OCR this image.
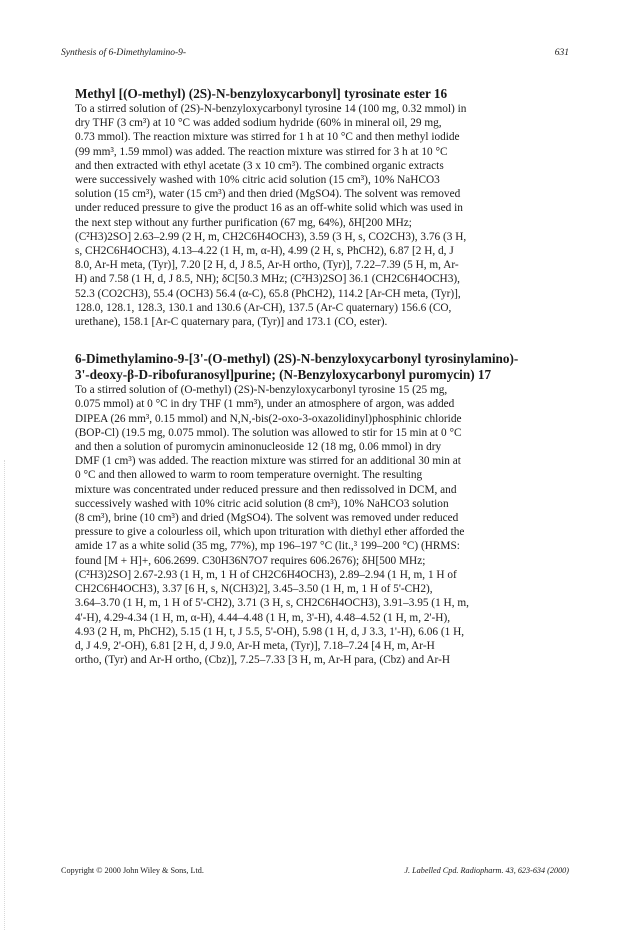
Synthesis of 6-Dimethylamino-9-	631
Methyl [(O-methyl) (2S)-N-benzyloxycarbonyl] tyrosinate ester 16
To a stirred solution of (2S)-N-benzyloxycarbonyl tyrosine 14 (100 mg, 0.32 mmol) in
dry THF (3 cm³) at 10 °C was added sodium hydride (60% in mineral oil, 29 mg,
0.73 mmol). The reaction mixture was stirred for 1 h at 10 °C and then methyl iodide
(99 mm³, 1.59 mmol) was added. The reaction mixture was stirred for 3 h at 10 °C
and then extracted with ethyl acetate (3 x 10 cm³). The combined organic extracts
were successively washed with 10% citric acid solution (15 cm³), 10% NaHCO3
solution (15 cm³), water (15 cm³) and then dried (MgSO4). The solvent was removed
under reduced pressure to give the product 16 as an off-white solid which was used in
the next step without any further purification (67 mg, 64%), δH[200 MHz;
(C²H3)2SO] 2.63–2.99 (2 H, m, CH2C6H4OCH3), 3.59 (3 H, s, CO2CH3), 3.76 (3 H,
s, CH2C6H4OCH3), 4.13–4.22 (1 H, m, α-H), 4.99 (2 H, s, PhCH2), 6.87 [2 H, d, J
8.0, Ar-H meta, (Tyr)], 7.20 [2 H, d, J 8.5, Ar-H ortho, (Tyr)], 7.22–7.39 (5 H, m, Ar-
H) and 7.58 (1 H, d, J 8.5, NH); δC[50.3 MHz; (C²H3)2SO] 36.1 (CH2C6H4OCH3),
52.3 (CO2CH3), 55.4 (OCH3) 56.4 (α-C), 65.8 (PhCH2), 114.2 [Ar-CH meta, (Tyr)],
128.0, 128.1, 128.3, 130.1 and 130.6 (Ar-CH), 137.5 (Ar-C quaternary) 156.6 (CO,
urethane), 158.1 [Ar-C quaternary para, (Tyr)] and 173.1 (CO, ester).
6-Dimethylamino-9-[3'-(O-methyl) (2S)-N-benzyloxycarbonyl tyrosinylamino)-
3'-deoxy-β-D-ribofuranosyl]purine; (N-Benzyloxycarbonyl puromycin) 17
To a stirred solution of (O-methyl) (2S)-N-benzyloxycarbonyl tyrosine 15 (25 mg,
0.075 mmol) at 0 °C in dry THF (1 mm³), under an atmosphere of argon, was added
DIPEA (26 mm³, 0.15 mmol) and N,N,-bis(2-oxo-3-oxazolidinyl)phosphinic chloride
(BOP-Cl) (19.5 mg, 0.075 mmol). The solution was allowed to stir for 15 min at 0 °C
and then a solution of puromycin aminonucleoside 12 (18 mg, 0.06 mmol) in dry
DMF (1 cm³) was added. The reaction mixture was stirred for an additional 30 min at
0 °C and then allowed to warm to room temperature overnight. The resulting
mixture was concentrated under reduced pressure and then redissolved in DCM, and
successively washed with 10% citric acid solution (8 cm³), 10% NaHCO3 solution
(8 cm³), brine (10 cm³) and dried (MgSO4). The solvent was removed under reduced
pressure to give a colourless oil, which upon trituration with diethyl ether afforded the
amide 17 as a white solid (35 mg, 77%), mp 196–197 °C (lit.,³ 199–200 °C) (HRMS:
found [M + H]+, 606.2699. C30H36N7O7 requires 606.2676); δH[500 MHz;
(C²H3)2SO] 2.67-2.93 (1 H, m, 1 H of CH2C6H4OCH3), 2.89–2.94 (1 H, m, 1 H of
CH2C6H4OCH3), 3.37 [6 H, s, N(CH3)2], 3.45–3.50 (1 H, m, 1 H of 5'-CH2),
3.64–3.70 (1 H, m, 1 H of 5'-CH2), 3.71 (3 H, s, CH2C6H4OCH3), 3.91–3.95 (1 H, m,
4'-H), 4.29-4.34 (1 H, m, α-H), 4.44–4.48 (1 H, m, 3'-H), 4.48–4.52 (1 H, m, 2'-H),
4.93 (2 H, m, PhCH2), 5.15 (1 H, t, J 5.5, 5'-OH), 5.98 (1 H, d, J 3.3, 1'-H), 6.06 (1 H,
d, J 4.9, 2'-OH), 6.81 [2 H, d, J 9.0, Ar-H meta, (Tyr)], 7.18–7.24 [4 H, m, Ar-H
ortho, (Tyr) and Ar-H ortho, (Cbz)], 7.25–7.33 [3 H, m, Ar-H para, (Cbz) and Ar-H
Copyright © 2000 John Wiley & Sons, Ltd.	J. Labelled Cpd. Radiopharm. 43, 623-634 (2000)
